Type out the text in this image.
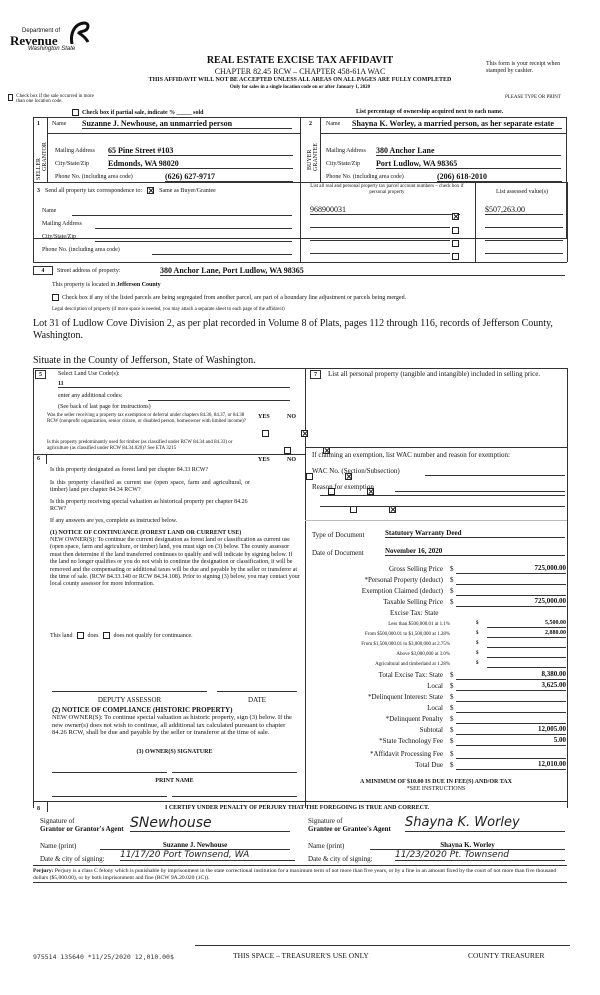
Department of
Revenue
Washington State
REAL ESTATE EXCISE TAX AFFIDAVIT
CHAPTER 82.45 RCW – CHAPTER 458-61A WAC
THIS AFFIDAVIT WILL NOT BE ACCEPTED UNLESS ALL AREAS ON ALL PAGES ARE FULLY COMPLETED
Only for sales in a single location code on or after January 1, 2020
This form is your receipt when stamped by cashier.
PLEASE TYPE OR PRINT
Check box if the sale occurred in more than one location code.
Check box if partial sale, indicate % _____ sold	List percentage of ownership acquired next to each name.
1
SELLER GRANTOR
Name Suzanne J. Newhouse, an unmarried person
Mailing Address 65 Pine Street #103
City/State/Zip Edmonds, WA 98020
Phone No. (including area code)	(626) 627-9717
2
BUYER GRANTEE
Name Shayna K. Worley, a married person, as her separate estate
Mailing Address 380 Anchor Lane
City/State/Zip Port Ludlow, WA 98365
Phone No. (including area code)	(206) 618-2010
3 Send all property tax correspondence to:	Same as Buyer/Grantee
Name
Mailing Address
City/State/Zip
Phone No. (including area code)
List all real and personal property tax parcel account numbers – check box if personal property	List assessed value(s)
968900031	$507,263.00
4	Street address of property:	380 Anchor Lane, Port Ludlow, WA 98365
This property is located in Jefferson County
Check box if any of the listed parcels are being segregated from another parcel, are part of a boundary line adjustment or parcels being merged.
Legal description of property (if more space is needed, you may attach a separate sheet to each page of the affidavit)
Lot 31 of Ludlow Cove Division 2, as per plat recorded in Volume 8 of Plats, pages 112 through 116, records of Jefferson County, Washington.
Situate in the County of Jefferson, State of Washington.
5	Select Land Use Code(s):
11
enter any additional codes:
(See back of last page for instructions)
YES	NO
Was the seller receiving a property tax exemption or deferral under chapters 84.36, 84.37, or 84.38 RCW (nonprofit organization, senior citizen, or disabled person, homeowner with limited income)?

Is this property predominantly used for timber (as classified under RCW 84.34 and 84.33) or agriculture (as classified under RCW 84.34.020)? See ETA 3215

6	YES	NO
Is this property designated as forest land per chapter 84.33 RCW?

Is this property classified as current use (open space, farm and agricultural, or timber) land per chapter 84.34 RCW?

Is this property receiving special valuation as historical property per chapter 84.26 RCW?

If any answers are yes, complete as instructed below.
(1) NOTICE OF CONTINUANCE (FOREST LAND OR CURRENT USE)
NEW OWNER(S): To continue the current designation as forest land or classification as current use (open space, farm and agriculture, or timber) land, you must sign on (3) below. The county assessor must then determine if the land transferred continues to qualify and will indicate by signing below. If the land no longer qualifies or you do not wish to continue the designation or classification, it will be removed and the compensating or additional taxes will be due and payable by the seller or transferor at the time of sale. (RCW 84.33.140 or RCW 84.34.108). Prior to signing (3) below, you may contact your local county assessor for more information.
This land	does	does not qualify for continuance.
DEPUTY ASSESSOR	DATE
(2) NOTICE OF COMPLIANCE (HISTORIC PROPERTY)
NEW OWNER(S): To continue special valuation as historic property, sign (3) below. If the new owner(s) does not wish to continue, all additional tax calculated pursuant to chapter 84.26 RCW, shall be due and payable by the seller or transferor at the time of sale.
(3) OWNER(S) SIGNATURE
PRINT NAME
7	List all personal property (tangible and intangible) included in selling price.
If claiming an exemption, list WAC number and reason for exemption:
WAC No. (Section/Subsection)
Reason for exemption
Type of Document	Statutory Warranty Deed
Date of Document	November 16, 2020
Gross Selling Price $	725,000.00
*Personal Property (deduct) $
Exemption Claimed (deduct) $
Taxable Selling Price $	725,000.00
Excise Tax: State
Less than $500,000.01 at 1.1%	$	5,500.00
From $500,000.01 to $1,500,000 at 1.28%	$	2,880.00
From $1,500,000.01 to $3,000,000 at 2.75%	$
Above $3,000,000 at 3.0%	$
Agricultural and timberland at 1.28%	$
Total Excise Tax: State $	8,380.00
Local $	3,625.00
*Delinquent Interest: State $
Local $
*Delinquent Penalty $
Subtotal $	12,005.00
*State Technology Fee $	5.00
*Affidavit Processing Fee $
Total Due $	12,010.00
A MINIMUM OF $10.00 IS DUE IN FEE(S) AND/OR TAX
*SEE INSTRUCTIONS
8	I CERTIFY UNDER PENALTY OF PERJURY THAT THE FOREGOING IS TRUE AND CORRECT.
Signature of
Grantor or Grantor's Agent SNewhouse
Name (print)	Suzanne J. Newhouse
Date & city of signing: 11/17/20 Port Townsend, WA
Signature of
Grantee or Grantee's Agent Shayna K. Worley
Name (print)	Shayna K. Worley
Date & city of signing: 11/23/2020 Pt. Townsend
Perjury: Perjury is a class C felony which is punishable by imprisonment in the state correctional institution for a maximum term of not more than five years, or by a fine in an amount fixed by the court of not more than five thousand dollars ($5,000.00), or by both imprisonment and fine (RCW 9A.20.020 (1C)).
975514 135640 *11/25/2020 12,010.00$	THIS SPACE – TREASURER'S USE ONLY	COUNTY TREASURER
